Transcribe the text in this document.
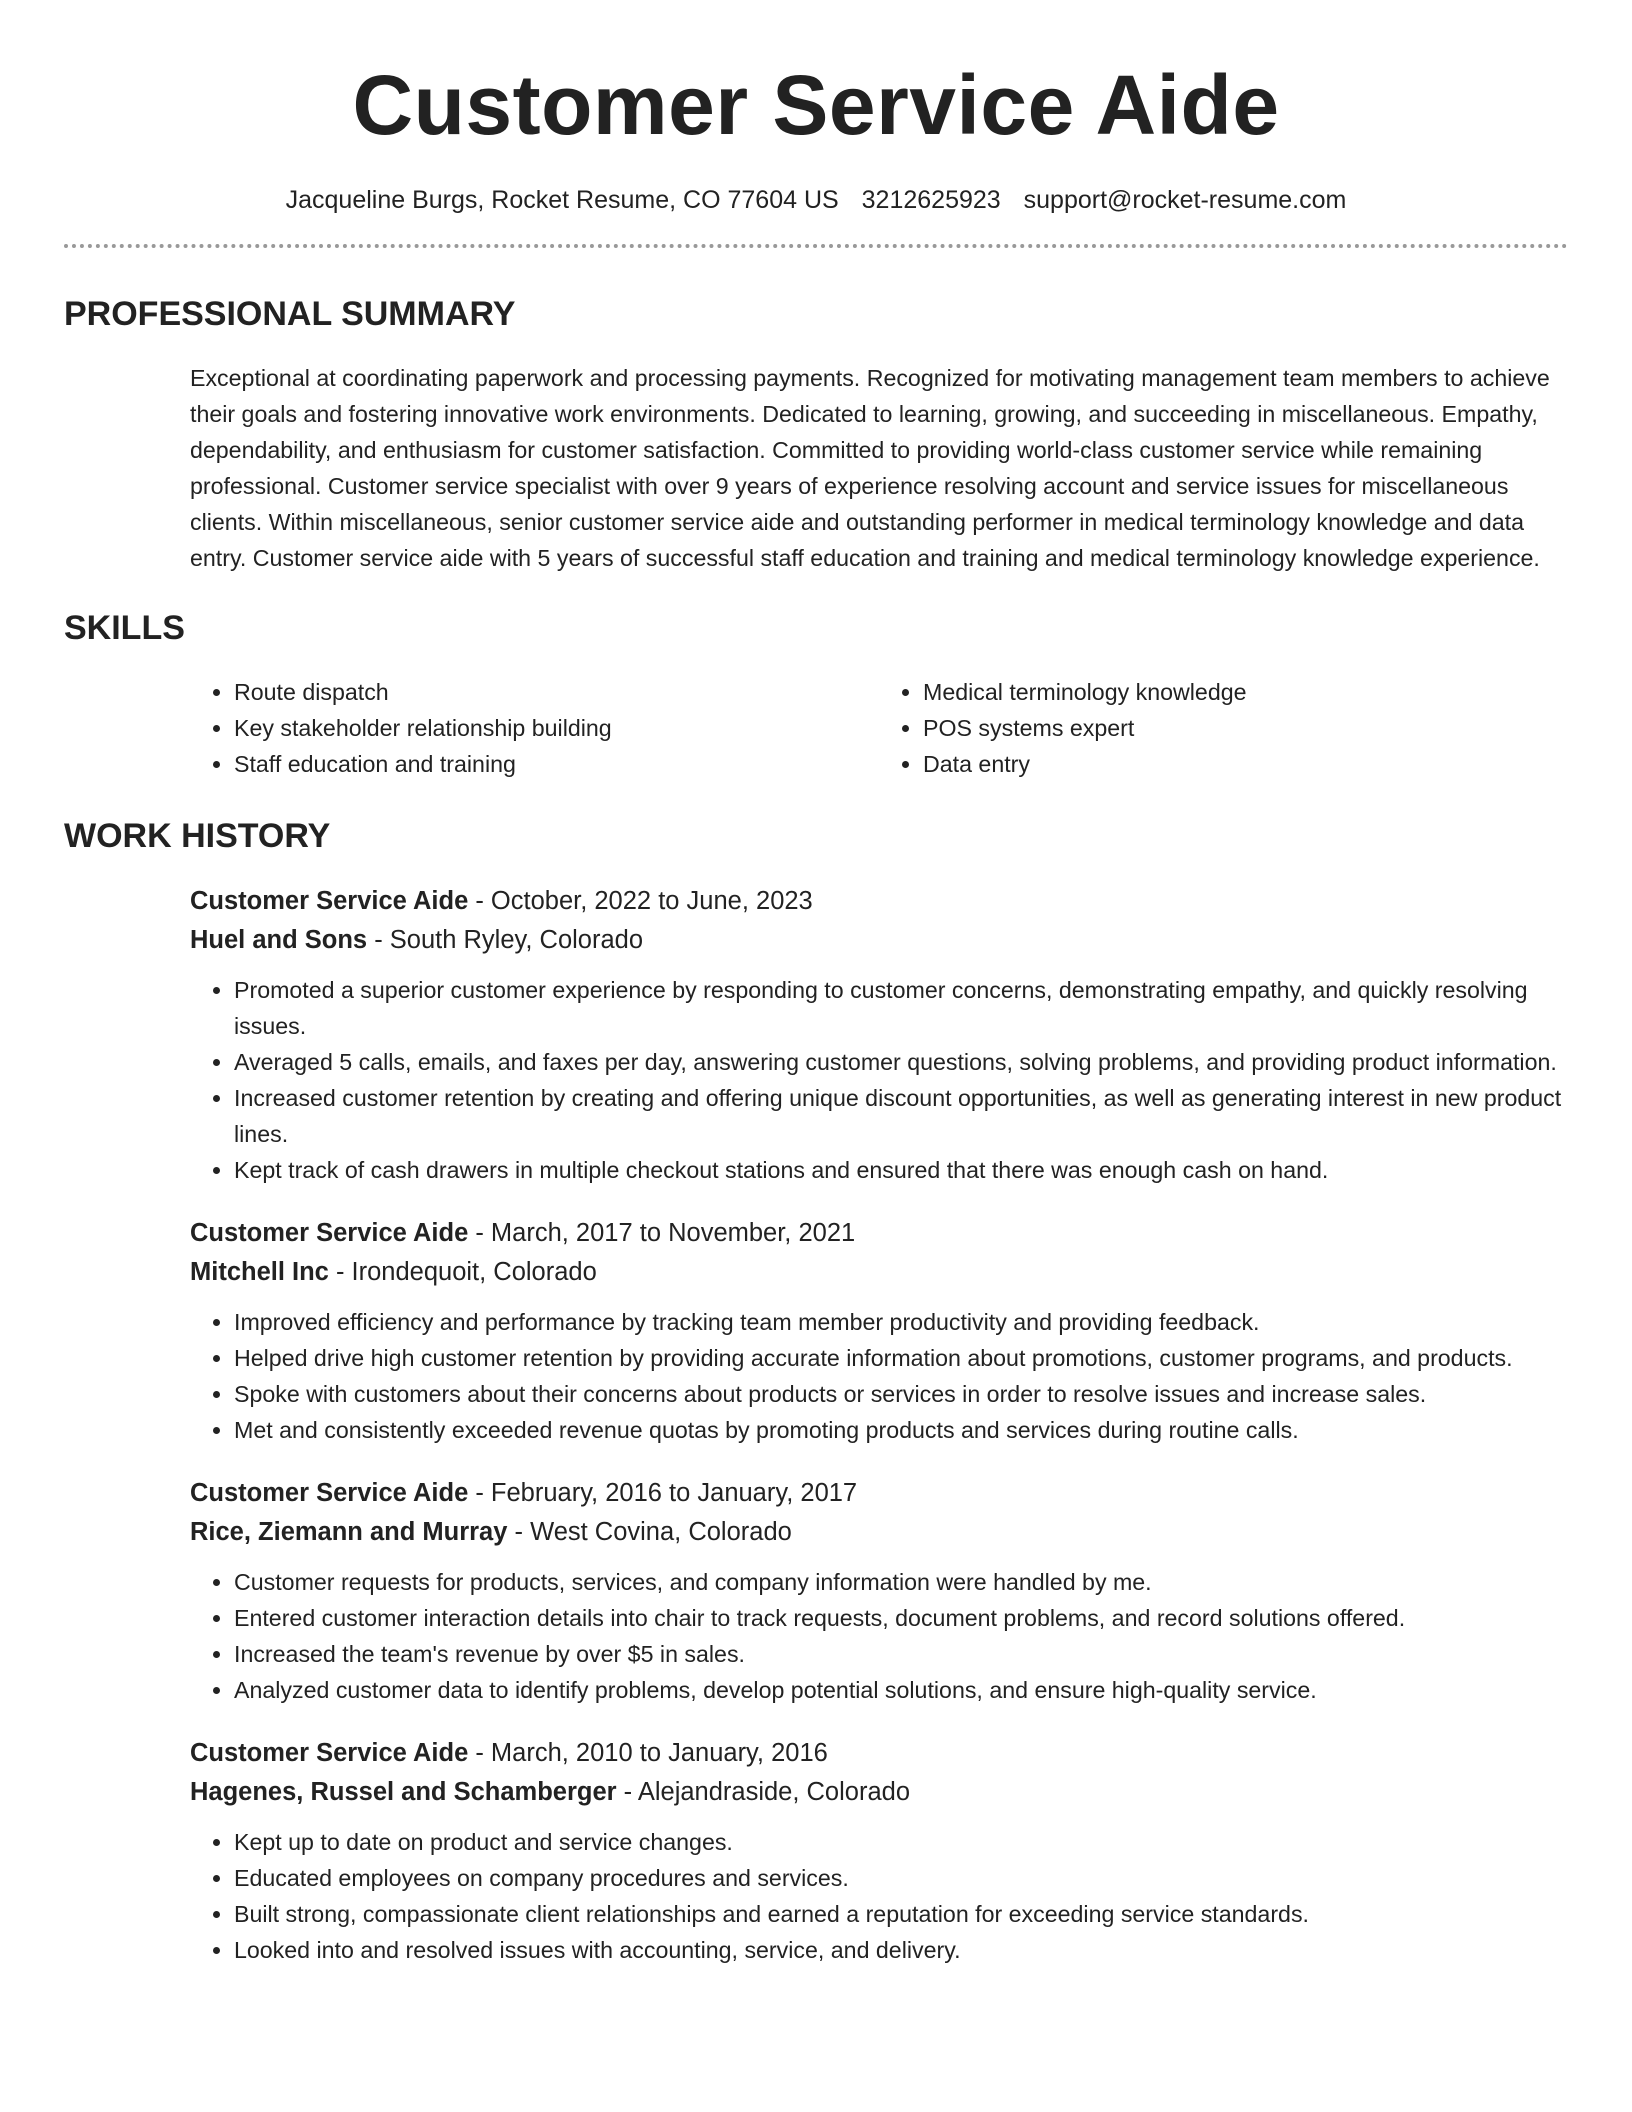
Customer Service Aide
Jacqueline Burgs, Rocket Resume, CO 77604 US 3212625923 support@rocket-resume.com
PROFESSIONAL SUMMARY

Exceptional at coordinating paperwork and processing payments. Recognized for motivating management team members to achieve their goals and fostering innovative work environments. Dedicated to learning, growing, and succeeding in miscellaneous. Empathy, dependability, and enthusiasm for customer satisfaction. Committed to providing world-class customer service while remaining professional. Customer service specialist with over 9 years of experience resolving account and service issues for miscellaneous clients. Within miscellaneous, senior customer service aide and outstanding performer in medical terminology knowledge and data entry. Customer service aide with 5 years of successful staff education and training and medical terminology knowledge experience.

SKILLS
• Route dispatch
• Key stakeholder relationship building
• Staff education and training
• Medical terminology knowledge
• POS systems expert
• Data entry
WORK HISTORY
Customer Service Aide - October, 2022 to June, 2023
Huel and Sons - South Ryley, Colorado
• Promoted a superior customer experience by responding to customer concerns, demonstrating empathy, and quickly resolving issues.
• Averaged 5 calls, emails, and faxes per day, answering customer questions, solving problems, and providing product information.
• Increased customer retention by creating and offering unique discount opportunities, as well as generating interest in new product lines.
• Kept track of cash drawers in multiple checkout stations and ensured that there was enough cash on hand.
Customer Service Aide - March, 2017 to November, 2021
Mitchell Inc - Irondequoit, Colorado
• Improved efficiency and performance by tracking team member productivity and providing feedback.
• Helped drive high customer retention by providing accurate information about promotions, customer programs, and products.
• Spoke with customers about their concerns about products or services in order to resolve issues and increase sales.
• Met and consistently exceeded revenue quotas by promoting products and services during routine calls.
Customer Service Aide - February, 2016 to January, 2017
Rice, Ziemann and Murray - West Covina, Colorado
• Customer requests for products, services, and company information were handled by me.
• Entered customer interaction details into chair to track requests, document problems, and record solutions offered.
• Increased the team's revenue by over $5 in sales.
• Analyzed customer data to identify problems, develop potential solutions, and ensure high-quality service.
Customer Service Aide - March, 2010 to January, 2016
Hagenes, Russel and Schamberger - Alejandraside, Colorado
• Kept up to date on product and service changes.
• Educated employees on company procedures and services.
• Built strong, compassionate client relationships and earned a reputation for exceeding service standards.
• Looked into and resolved issues with accounting, service, and delivery.
